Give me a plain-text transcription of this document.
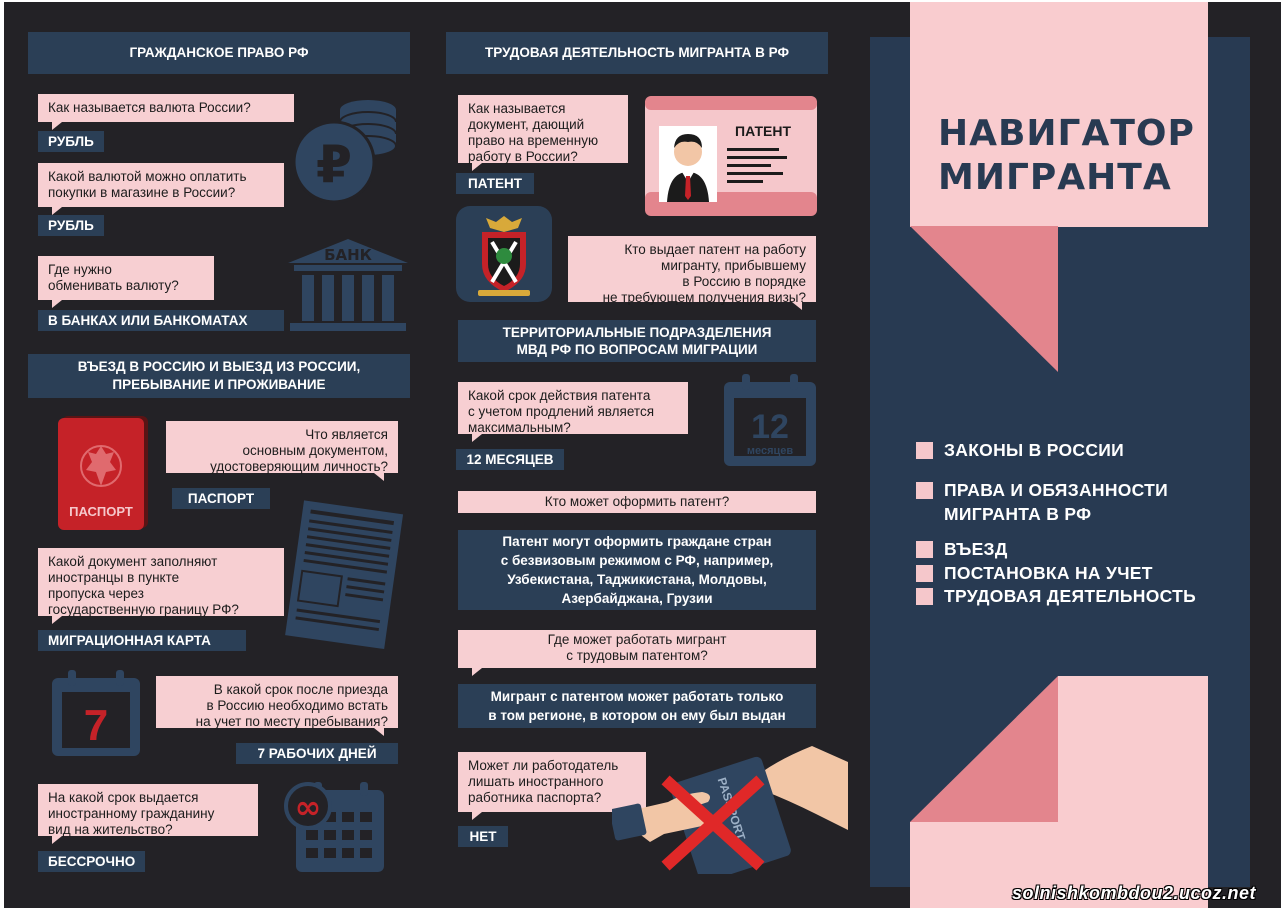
ГРАЖДАНСКОЕ ПРАВО РФ
Как называется валюта России?
РУБЛЬ
Какой валютой можно оплатить
покупки в магазине в России?
РУБЛЬ
Где нужно
обменивать валюту?
В БАНКАХ ИЛИ БАНКОМАТАХ
₽
БАНК
ВЪЕЗД В РОССИЮ И ВЫЕЗД ИЗ РОССИИ,
ПРЕБЫВАНИЕ И ПРОЖИВАНИЕ
ПАСПОРТ
Что является
основным документом,
удостоверяющим личность?
ПАСПОРТ
Какой документ заполняют
иностранцы в пункте
пропуска через
государственную границу РФ?
МИГРАЦИОННАЯ КАРТА
7
В какой срок после приезда
в Россию необходимо встать
на учет по месту пребывания?
7 РАБОЧИХ ДНЕЙ
На какой срок выдается
иностранному гражданину
вид на жительство?
БЕССРОЧНО
∞
ТРУДОВАЯ ДЕЯТЕЛЬНОСТЬ МИГРАНТА В РФ
Как называется
документ, дающий
право на временную
работу в России?
ПАТЕНТ
ПАТЕНТ
Кто выдает патент на работу
мигранту, прибывшему
в Россию в порядке
не требующем получения визы?
ТЕРРИТОРИАЛЬНЫЕ ПОДРАЗДЕЛЕНИЯ
МВД РФ ПО ВОПРОСАМ МИГРАЦИИ
Какой срок действия патента
с учетом продлений является
максимальным?
12 МЕСЯЦЕВ
12
месяцев
Кто может оформить патент?
Патент могут оформить граждане стран
с безвизовым режимом с РФ, например,
Узбекистана, Таджикистана, Молдовы,
Азербайджана, Грузии
Где может работать мигрант
с трудовым патентом?
Мигрант с патентом может работать только
в том регионе, в котором он ему был выдан
Может ли работодатель
лишать иностранного
работника паспорта?
НЕТ
НАВИГАТОР
МИГРАНТА
ЗАКОНЫ В РОССИИ
ПРАВА И ОБЯЗАННОСТИ
МИГРАНТА В РФ
ВЪЕЗД
ПОСТАНОВКА НА УЧЕТ
ТРУДОВАЯ ДЕЯТЕЛЬНОСТЬ
solnishkombdou2.ucoz.net
